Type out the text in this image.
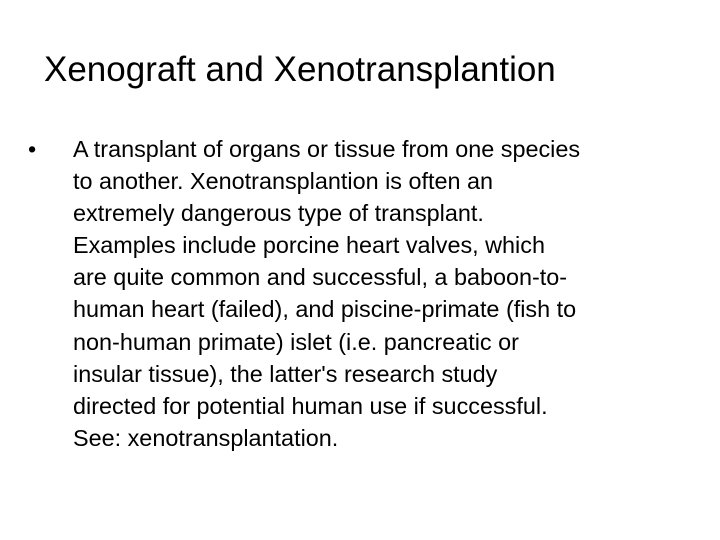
Xenograft and Xenotransplantion
• A transplant of organs or tissue from one species
to another. Xenotransplantion is often an
extremely dangerous type of transplant.
Examples include porcine heart valves, which
are quite common and successful, a baboon-to-
human heart (failed), and piscine-primate (fish to
non-human primate) islet (i.e. pancreatic or
insular tissue), the latter's research study
directed for potential human use if successful.
See: xenotransplantation.
